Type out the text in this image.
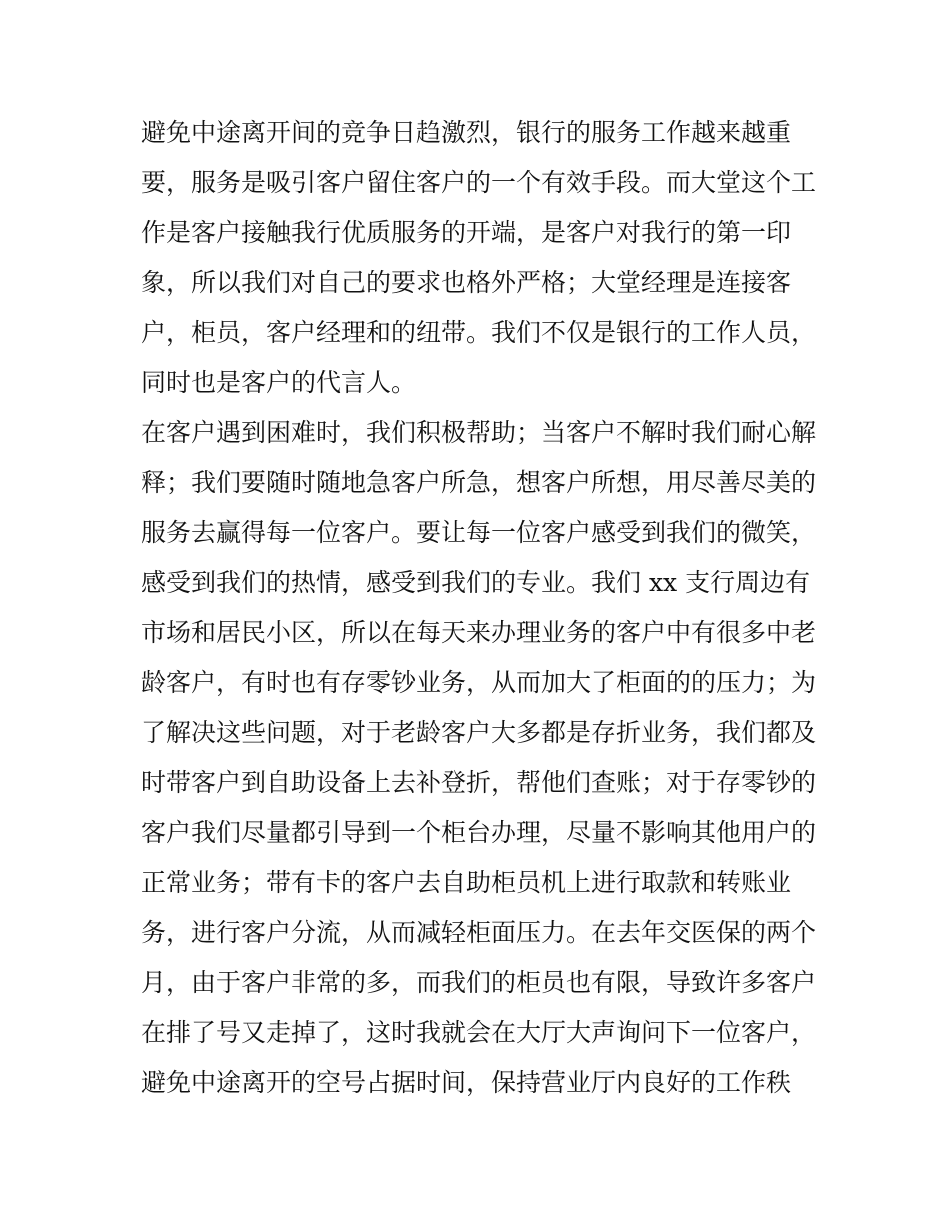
避免中途离开间的竞争日趋激烈，银行的服务工作越来越重
要，服务是吸引客户留住客户的一个有效手段。而大堂这个工
作是客户接触我行优质服务的开端，是客户对我行的第一印
象，所以我们对自己的要求也格外严格；大堂经理是连接客
户，柜员，客户经理和的纽带。我们不仅是银行的工作人员，
同时也是客户的代言人。
在客户遇到困难时，我们积极帮助；当客户不解时我们耐心解
释；我们要随时随地急客户所急，想客户所想，用尽善尽美的
服务去赢得每一位客户。要让每一位客户感受到我们的微笑，
感受到我们的热情，感受到我们的专业。我们 xx 支行周边有
市场和居民小区，所以在每天来办理业务的客户中有很多中老
龄客户，有时也有存零钞业务，从而加大了柜面的的压力；为
了解决这些问题，对于老龄客户大多都是存折业务，我们都及
时带客户到自助设备上去补登折，帮他们查账；对于存零钞的
客户我们尽量都引导到一个柜台办理，尽量不影响其他用户的
正常业务；带有卡的客户去自助柜员机上进行取款和转账业
务，进行客户分流，从而减轻柜面压力。在去年交医保的两个
月，由于客户非常的多，而我们的柜员也有限，导致许多客户
在排了号又走掉了，这时我就会在大厅大声询问下一位客户，
避免中途离开的空号占据时间，保持营业厅内良好的工作秩
